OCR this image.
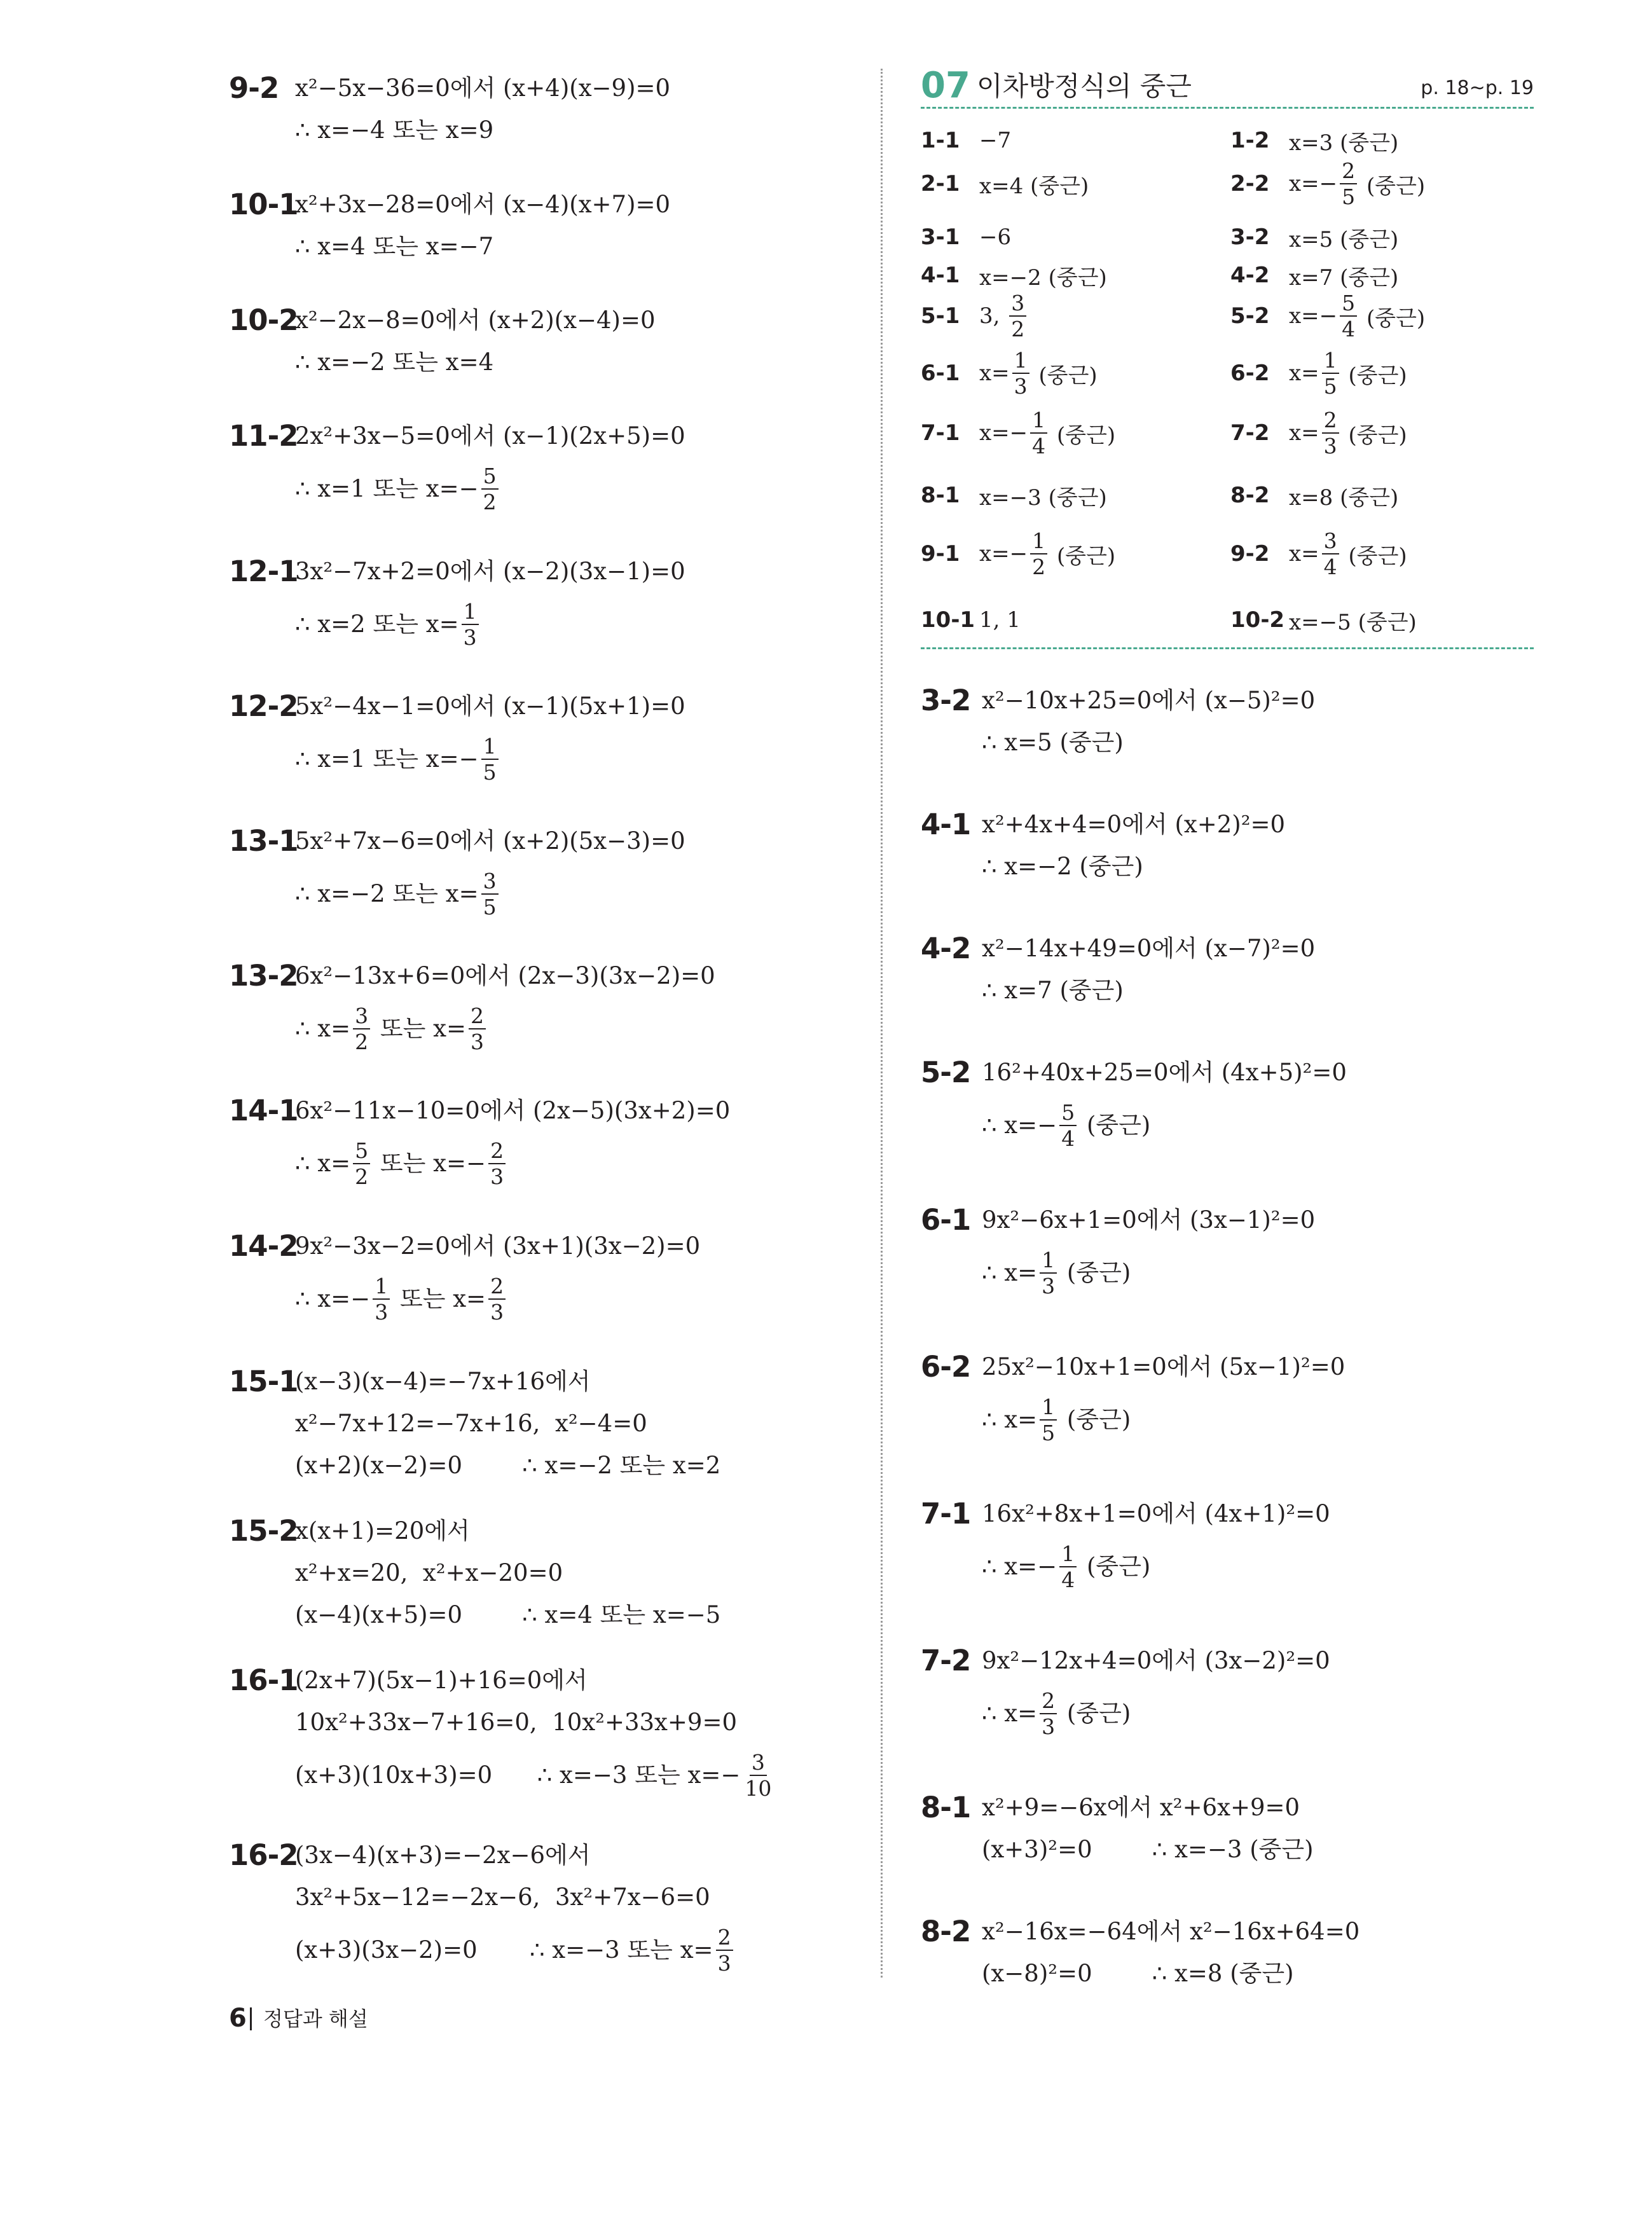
9-2 x²−5x−36=0에서 (x+4)(x−9)=0
∴ x=−4 또는 x=9
10-1
x²+3x−28=0에서 (x−4)(x+7)=0
∴ x=4 또는 x=−7
10-2
x²−2x−8=0에서 (x+2)(x−4)=0
∴ x=−2 또는 x=4
11-2
2x²+3x−5=0에서 (x−1)(2x+5)=0
∴ x=1 또는 $x=- \frac{5}{2}$
12-1
3x²−7x+2=0에서 (x−2)(3x−1)=0
∴ x=2 또는 $x= \frac{1}{3}$
12-2
5x²−4x−1=0에서 (x−1)(5x+1)=0
∴ x=1 또는 $x=- \frac{1}{5}$
13-1
5x²+7x−6=0에서 (x+2)(5x−3)=0
∴ x=−2 또는 $x= \frac{3}{5}$
13-2
6x²−13x+6=0에서 (2x−3)(3x−2)=0
∴ $x= \frac{3}{2}$ 또는 $x= \frac{2}{3}$
14-1
6x²−11x−10=0에서 (2x−5)(3x+2)=0
∴ $x= \frac{5}{2}$ 또는 $x=- \frac{2}{3}$
14-2
9x²−3x−2=0에서 (3x+1)(3x−2)=0
∴ $x=- \frac{1}{3}$ 또는 $x= \frac{2}{3}$
15-1
(x−3)(x−4)=−7x+16에서
x²−7x+12=−7x+16,  x²−4=0
(x+2)(x−2)=0        ∴ x=−2 또는 x=2
15-2
x(x+1)=20에서
x²+x=20,  x²+x−20=0
(x−4)(x+5)=0        ∴ x=4 또는 x=−5
16-1
(2x+7)(5x−1)+16=0에서
10x²+33x−7+16=0,  10x²+33x+9=0
(x+3)(10x+3)=0      ∴ x=−3 또는 $x=- \frac{3}{10}$
16-2
(3x−4)(x+3)=−2x−6에서
3x²+5x−12=−2x−6,  3x²+7x−6=0
(x+3)(3x−2)=0       ∴ x=−3 또는 $x= \frac{2}{3}$
07 이차방정식의 중근	p. 18~p. 19
1-1 −7	1-2 x=3 (중근)
2-1 x=4 (중근)	2-2 $x=- \frac{2}{5}$ (중근)
3-1 −6	3-2 x=5 (중근)
4-1 x=−2 (중근)	4-2 x=7 (중근)
5-1 3, $\frac{3}{2}$	5-2 $x=- \frac{5}{4}$ (중근)
6-1 $x= \frac{1}{3}$ (중근)	6-2 $x= \frac{1}{5}$ (중근)
7-1 $x=- \frac{1}{4}$ (중근)	7-2 $x= \frac{2}{3}$ (중근)
8-1 x=−3 (중근)	8-2 x=8 (중근)
9-1 $x=- \frac{1}{2}$ (중근)	9-2 $x= \frac{3}{4}$ (중근)
10-1 1, 1	10-2 x=−5 (중근)
3-2 x²−10x+25=0에서 (x−5)²=0
∴ x=5 (중근)
4-1 x²+4x+4=0에서 (x+2)²=0
∴ x=−2 (중근)
4-2 x²−14x+49=0에서 (x−7)²=0
∴ x=7 (중근)
5-2 16²+40x+25=0에서 (4x+5)²=0
∴ $x=- \frac{5}{4}$ (중근)
6-1 9x²−6x+1=0에서 (3x−1)²=0
∴ $x= \frac{1}{3}$ (중근)
6-2 25x²−10x+1=0에서 (5x−1)²=0
∴ $x= \frac{1}{5}$ (중근)
7-1 16x²+8x+1=0에서 (4x+1)²=0
∴ $x=- \frac{1}{4}$ (중근)
7-2 9x²−12x+4=0에서 (3x−2)²=0
∴ $x= \frac{2}{3}$ (중근)
8-1 x²+9=−6x에서 x²+6x+9=0
(x+3)²=0        ∴ x=−3 (중근)
8-2 x²−16x=−64에서 x²−16x+64=0
(x−8)²=0        ∴ x=8 (중근)
6 정답과 해설
